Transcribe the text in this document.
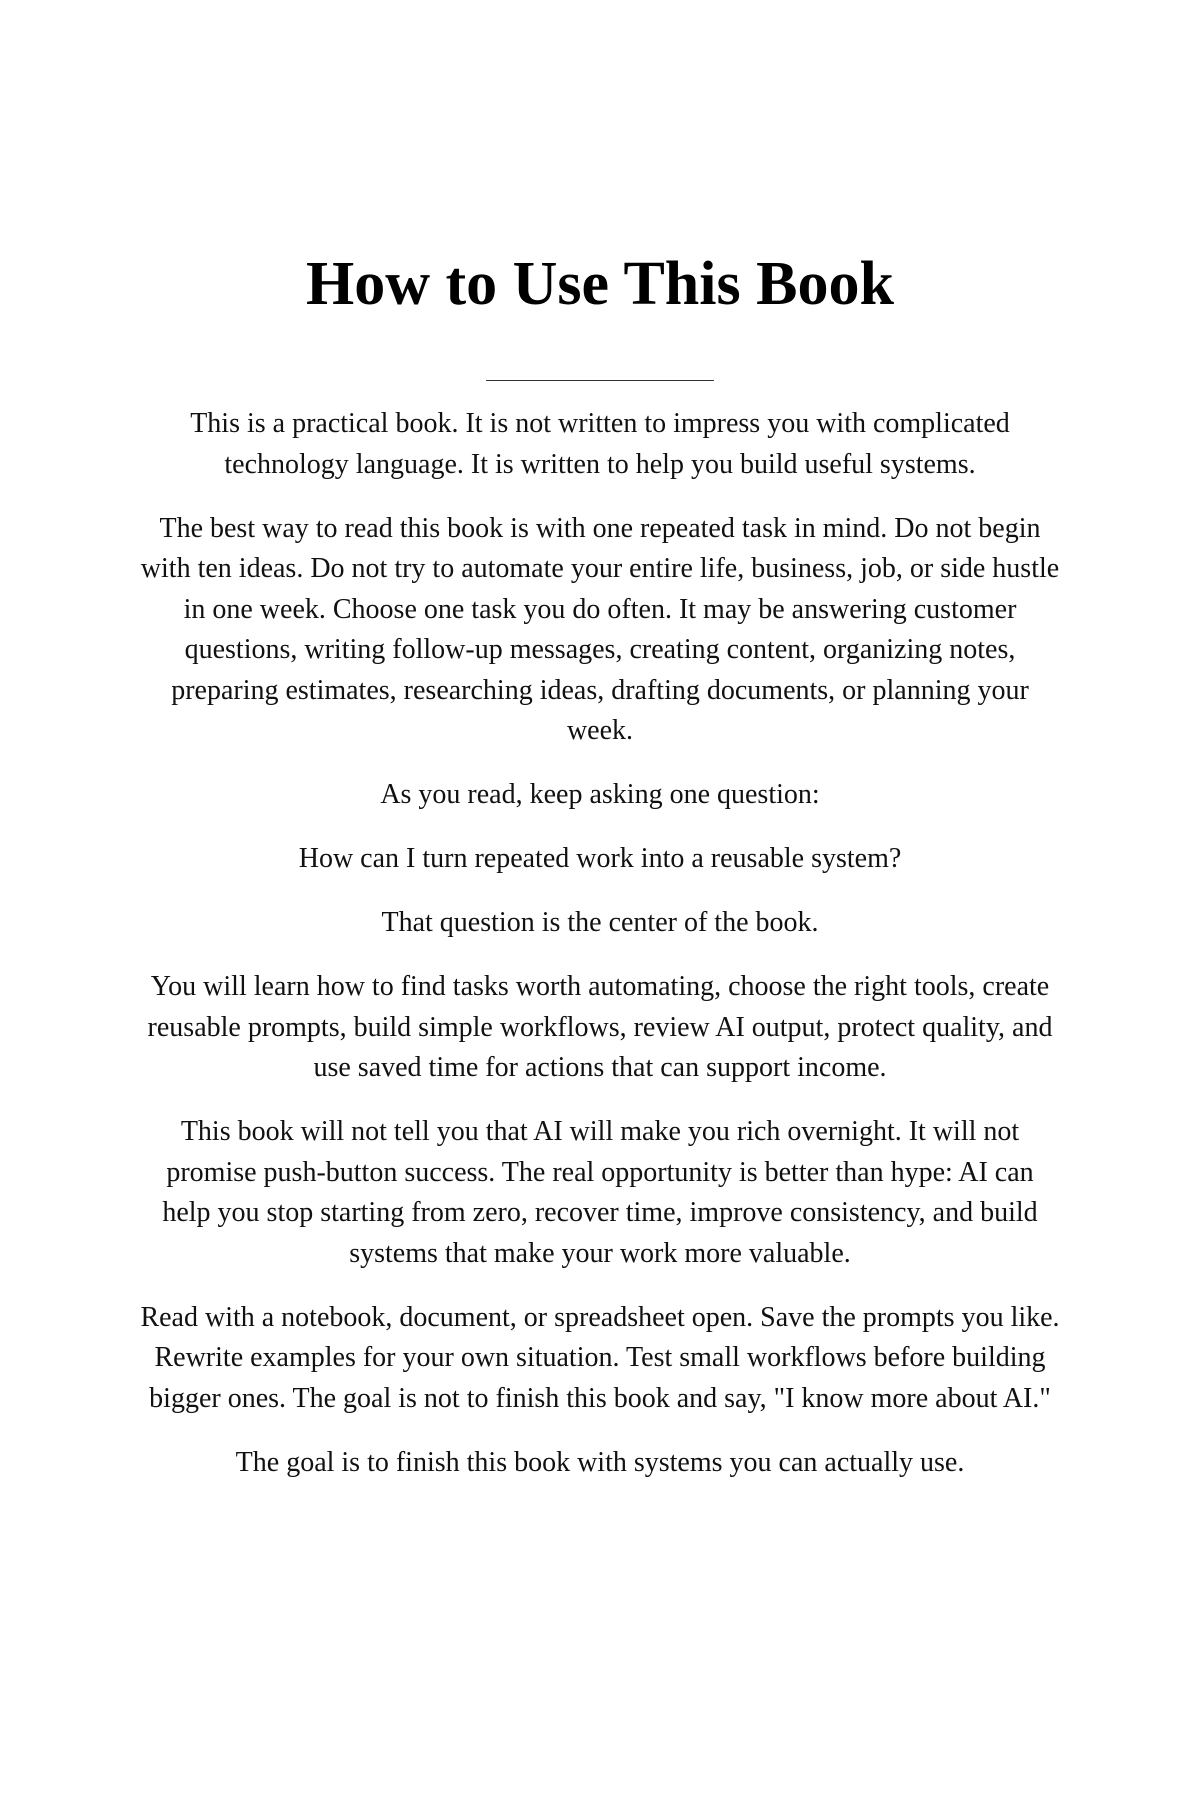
How to Use This Book

This is a practical book. It is not written to impress you with complicated technology language. It is written to help you build useful systems.

The best way to read this book is with one repeated task in mind. Do not begin with ten ideas. Do not try to automate your entire life, business, job, or side hustle in one week. Choose one task you do often. It may be answering customer questions, writing follow-up messages, creating content, organizing notes, preparing estimates, researching ideas, drafting documents, or planning your week.

As you read, keep asking one question:

How can I turn repeated work into a reusable system?

That question is the center of the book.

You will learn how to find tasks worth automating, choose the right tools, create reusable prompts, build simple workflows, review AI output, protect quality, and use saved time for actions that can support income.

This book will not tell you that AI will make you rich overnight. It will not promise push-button success. The real opportunity is better than hype: AI can help you stop starting from zero, recover time, improve consistency, and build systems that make your work more valuable.

Read with a notebook, document, or spreadsheet open. Save the prompts you like. Rewrite examples for your own situation. Test small workflows before building bigger ones. The goal is not to finish this book and say, "I know more about AI."

The goal is to finish this book with systems you can actually use.
